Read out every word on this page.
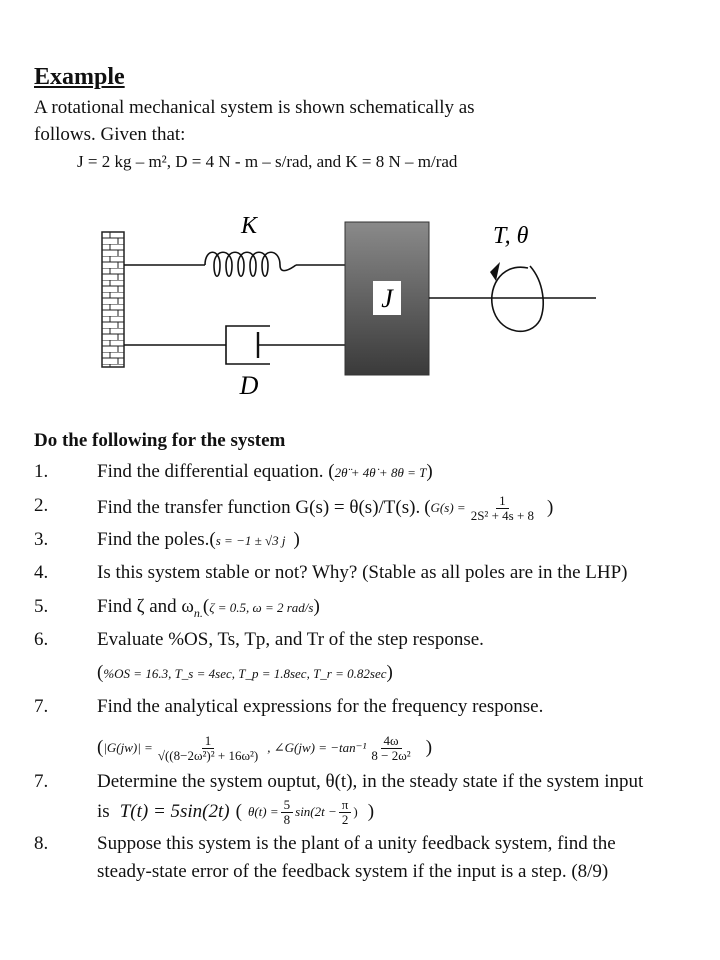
Example
A rotational mechanical system is shown schematically as
follows. Given that:
J = 2 kg – m², D = 4 N - m – s/rad, and K = 8 N – m/rad
J
K
D
T, θ
Do the following for the system
1.	Find the differential equation. (2θ̈ + 4θ̇ + 8θ = T)
2.	Find the transfer function G(s) = θ(s)/T(s). ( $G(s) = \frac{1}{\text{2S² + 4s + 8}}$ )
3.	Find the poles.(s = −1 ± √3 j )
4.	Is this system stable or not? Why? (Stable as all poles are in the LHP)
5.	Find ζ and $\omega_{n.}(\zeta = 0.5$, ω = 2 rad/s)
6.	Evaluate %OS, Ts, Tp, and Tr of the step response.
(%OS = 16.3, T_s = 4sec, T_p = 1.8sec, T_r = 0.82sec)
7.	Find the analytical expressions for the frequency response.
( $|G(jw)| = \frac{1}{\text{√((8−2ω²)² + 16ω²)}}$ , ∠G(jw) = $-\tan^{-1} \frac{4\omega}{\text{8 − 2ω²}}$ )
7.	Determine the system ouptut, θ(t), in the steady state if the system input
is T(t) = 5sin(2t) ( $\theta(t) = \frac{5}{8} \sin(2t - \frac{\pi}{2}$ ) )
8.	Suppose this system is the plant of a unity feedback system, find the
steady-state error of the feedback system if the input is a step. (8/9)
